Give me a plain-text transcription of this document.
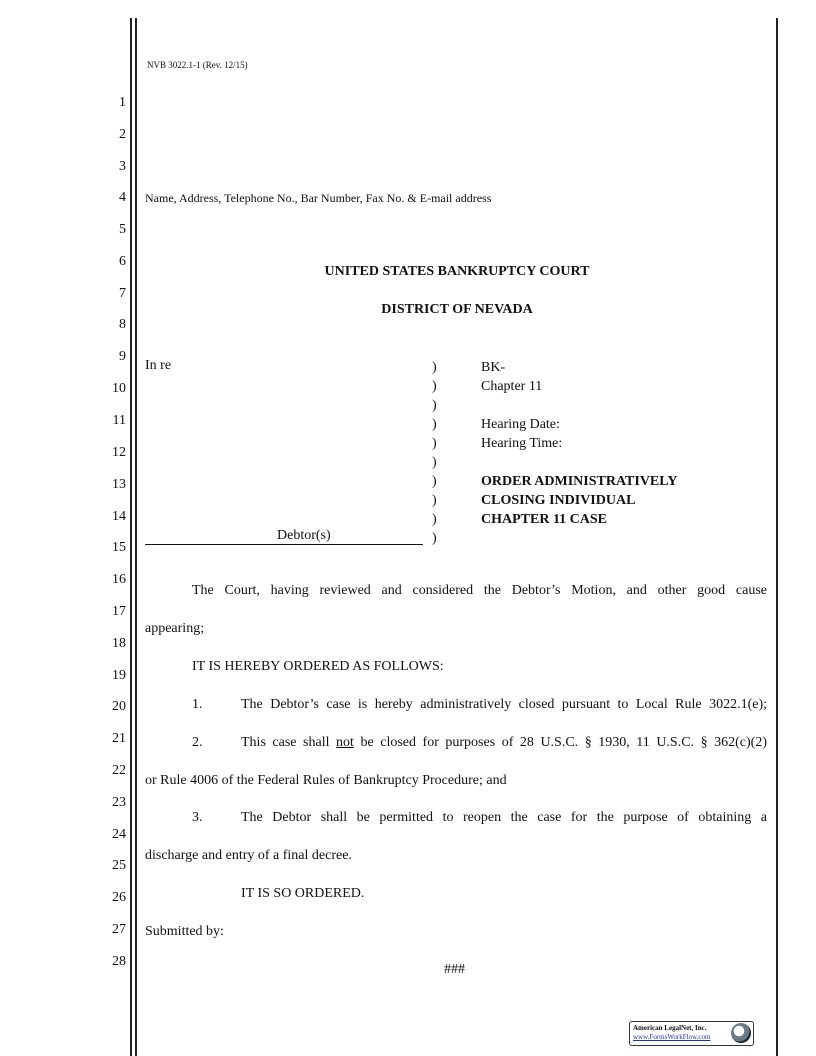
NVB 3022.1-1 (Rev. 12/15)
1
2
3
4
5
6
7
8
9
10
11
12
13
14
15
16
17
18
19
20
21
22
23
24
25
26
27
28
Name, Address, Telephone No., Bar Number, Fax No. & E-mail address
UNITED STATES BANKRUPTCY COURT
DISTRICT OF NEVADA
In re
Debtor(s)
)
)
)
)
)
)
)
)
)
)
BK-
Chapter 11
Hearing Date:
Hearing Time:
ORDER ADMINISTRATIVELY
CLOSING INDIVIDUAL
CHAPTER 11 CASE
The Court, having reviewed and considered the Debtor’s Motion, and other good cause
appearing;
IT IS HEREBY ORDERED AS FOLLOWS:
1.	The Debtor’s case is hereby administratively closed pursuant to Local Rule 3022.1(e);
2.	This case shall not be closed for purposes of 28 U.S.C. § 1930, 11 U.S.C. § 362(c)(2)
or Rule 4006 of the Federal Rules of Bankruptcy Procedure; and
3.	The Debtor shall be permitted to reopen the case for the purpose of obtaining a
discharge and entry of a final decree.
IT IS SO ORDERED.
Submitted by:
###
American LegalNet, Inc.
www.FormsWorkFlow.com
